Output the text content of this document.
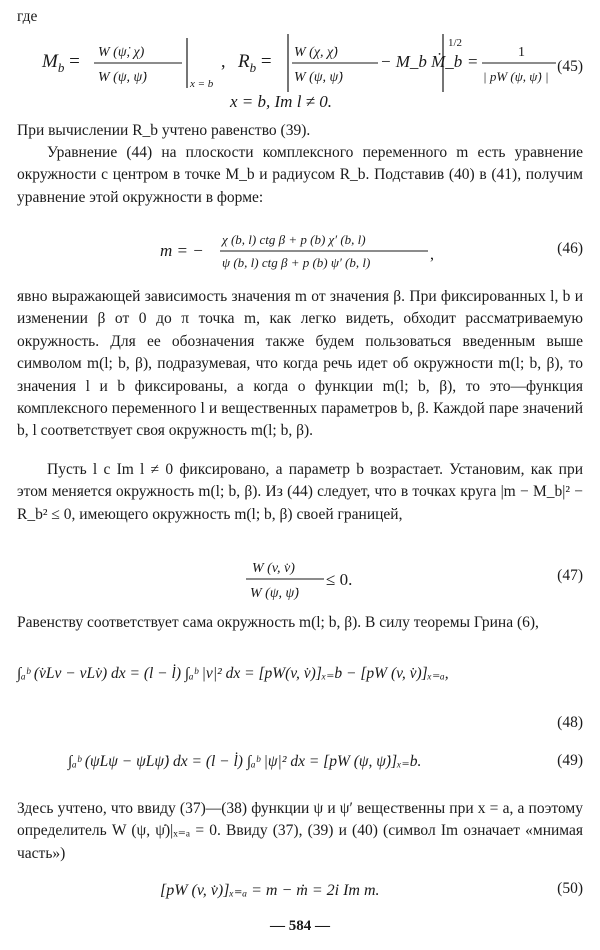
где
$M_b = W$ (ψ̇, χ)
W (ψ, ψ̇)	x = b
, $R_b = W$ (χ, χ̇)
W (ψ, ψ̇)
− M_b Ṁ_b
1/2
=	1
| pW (ψ, ψ̇) |
x = b, Im l ≠ 0.
(45)
При вычислении R_b учтено равенство (39).
Уравнение (44) на плоскости комплексного переменного m есть уравнение окружности с центром в точке M_b и радиусом R_b. Подставив (40) в (41), получим уравнение этой окружности в форме:
m = −
χ (b, l) ctg β + p (b) χ′ (b, l)
ψ (b, l) ctg β + p (b) ψ′ (b, l)	,	(46)
явно выражающей зависимость значения m от значения β. При фиксированных l, b и изменении β от 0 до π точка m, как легко видеть, обходит рассматриваемую окружность. Для ее обозначения также будем пользоваться введенным выше символом m(l; b, β), подразумевая, что когда речь идет об окружности m(l; b, β), то значения l и b фиксированы, а когда о функции m(l; b, β), то это—функция комплексного переменного l и вещественных параметров b, β. Каждой паре значений b, l соответствует своя окружность m(l; b, β).
Пусть l с Im l ≠ 0 фиксировано, а параметр b возрастает. Установим, как при этом меняется окружность m(l; b, β). Из (44) следует, что в точках круга |m − M_b|² − R_b² ≤ 0, имеющего окружность m(l; b, β) своей границей,
W (v, v̇)
W (ψ, ψ̇)
≤ 0.	(47)
Равенству соответствует сама окружность m(l; b, β). В силу теоремы Грина (6),
∫ₐᵇ (v̇Lv − vLv̇) dx = (l − l̇) ∫ₐᵇ |v|² dx = [pW(v, v̇)]ₓ₌b − [pW (v, v̇)]ₓ₌ₐ,
(48)
∫ₐᵇ (ψ̇Lψ − ψLψ̇) dx = (l − l̇) ∫ₐᵇ |ψ|² dx = [pW (ψ, ψ̇)]ₓ₌b.	(49)
Здесь учтено, что ввиду (37)—(38) функции ψ и ψ′ вещественны при x = a, а поэтому определитель W (ψ, ψ̇)|ₓ₌ₐ = 0. Ввиду (37), (39) и (40) (символ Im означает «мнимая часть»)
[pW (v, v̇)]ₓ₌ₐ = m − ṁ = 2i Im m.	(50)
— 584 —
